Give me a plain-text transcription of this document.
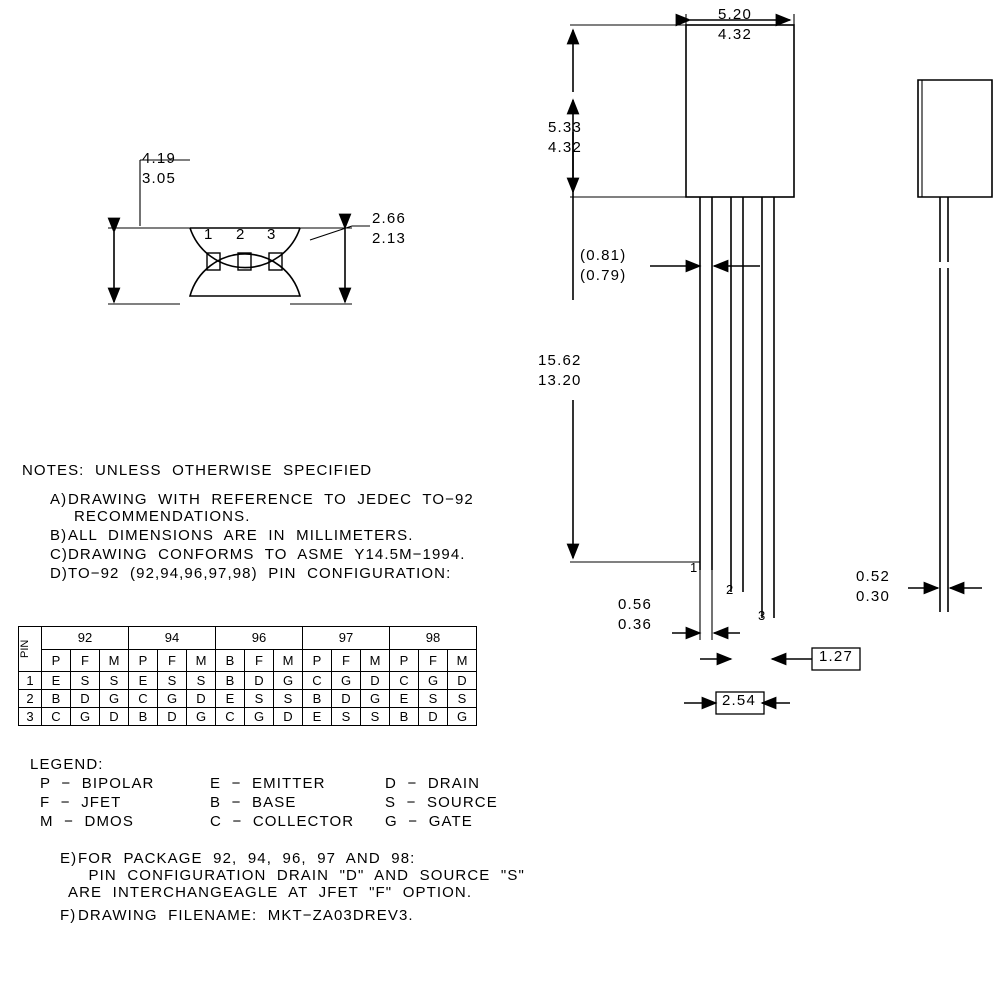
4.19
3.05
2.66
2.13
1 2 3
5.20
4.32
5.33
4.32
(0.81)
(0.79)
15.62
13.20
1
2
3
0.56
0.36
1.27
2.54
0.52
0.30
NOTES:  UNLESS  OTHERWISE  SPECIFIED
A) DRAWING  WITH  REFERENCE  TO  JEDEC  TO−92
RECOMMENDATIONS.
B) ALL  DIMENSIONS  ARE  IN  MILLIMETERS.
C) DRAWING  CONFORMS  TO  ASME  Y14.5M−1994.
D) TO−92  (92,94,96,97,98)  PIN  CONFIGURATION:
PIN	92			94			96			97			98		
	P	F	M	P	F	M	B	F	M	P	F	M	P	F	M
1	E	S	S	E	S	S	B	D	G	C	G	D	C	G	D
2	B	D	G	C	G	D	E	S	S	B	D	G	E	S	S
3	C	G	D	B	D	G	C	G	D	E	S	S	B	D	G
LEGEND:
P  −  BIPOLAR	E  −  EMITTER	D  −  DRAIN
F  −  JFET	B  −  BASE	S  −  SOURCE
M  −  DMOS	C  −  COLLECTOR	G  −  GATE
E) FOR  PACKAGE  92,  94,  96,  97  AND  98:
PIN  CONFIGURATION  DRAIN  "D"  AND  SOURCE  "S"
ARE  INTERCHANGEAGLE  AT  JFET  "F"  OPTION.
F) DRAWING  FILENAME:  MKT−ZA03DREV3.
